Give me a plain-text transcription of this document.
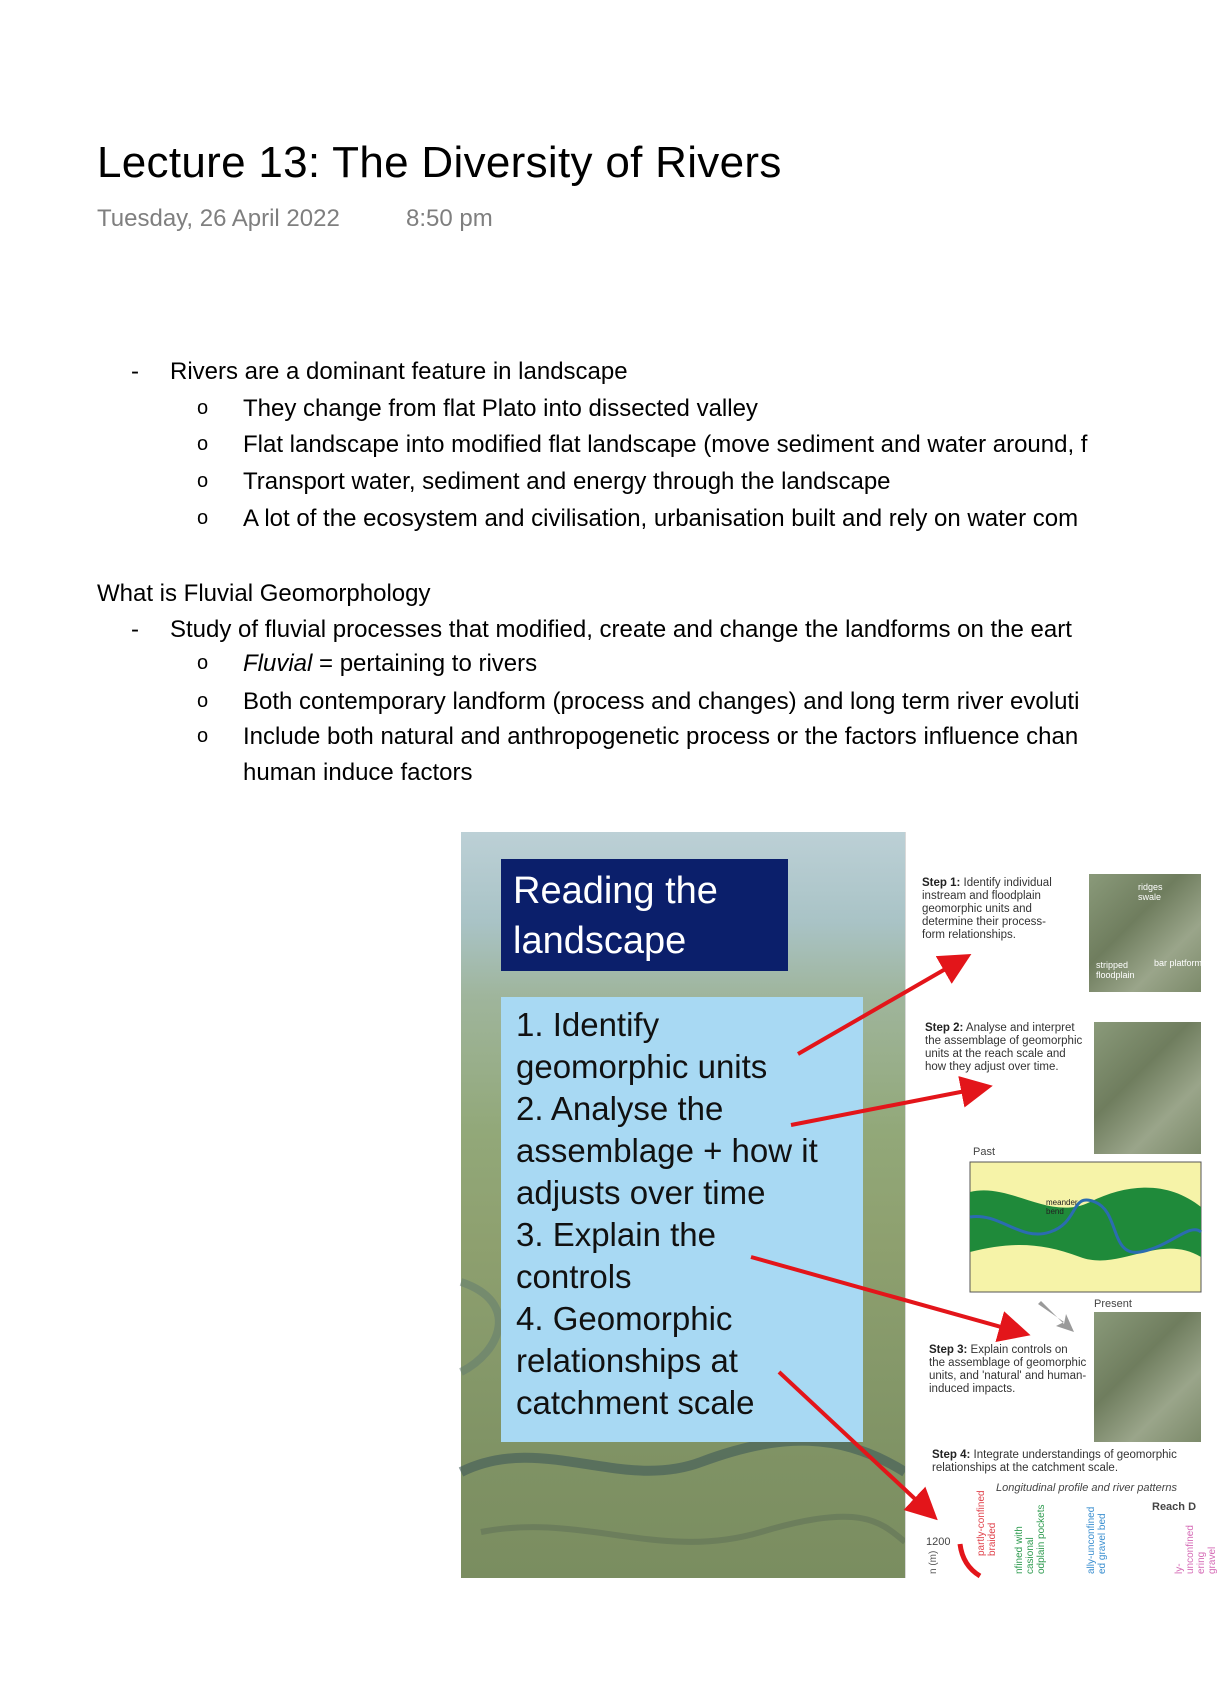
Lecture 13: The Diversity of Rivers
Tuesday, 26 April 2022	8:50 pm
- Rivers are a dominant feature in landscape
o They change from flat Plato into dissected valley
o Flat landscape into modified flat landscape (move sediment and water around, f
o Transport water, sediment and energy through the landscape
o A lot of the ecosystem and civilisation, urbanisation built and rely on water com
What is Fluvial Geomorphology
- Study of fluvial processes that modified, create and change the landforms on the eart
o Fluvial = pertaining to rivers
o Both contemporary landform (process and changes) and long term river evoluti
o Include both natural and anthropogenetic process or the factors influence chan
human induce factors
Reading the
landscape
1. Identify
geomorphic units
2. Analyse the
assemblage + how it
adjusts over time
3. Explain the
controls
4. Geomorphic
relationships at
catchment scale
Step 1: Identify individual
instream and floodplain
geomorphic units and
determine their process-
form relationships.
ridges
swale
stripped
floodplain
bar platform
Step 2: Analyse and interpret
the assemblage of geomorphic
units at the reach scale and
how they adjust over time.
Past
meander
bend
Present
Step 3: Explain controls on
the assemblage of geomorphic
units, and 'natural' and human-
induced impacts.
Step 4: Integrate understandings of geomorphic
relationships at the catchment scale.
Longitudinal profile and river patterns
Reach D
1200
n (m)
partly-confined
braided
nfined with
casional
odplain pockets	ally-unconfined
ed gravel bed
ly-unconfined
ering gravel
